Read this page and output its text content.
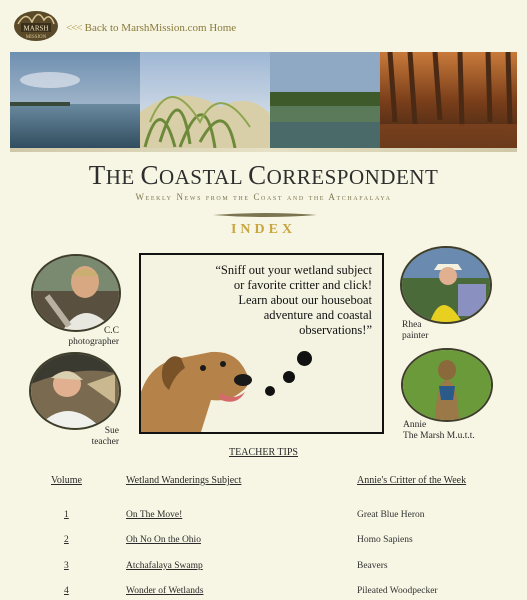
MARSH
MISSION
<<< Back to MarshMission.com Home
THE COASTAL CORRESPONDENT
Weekly News from the Coast and the Atchafalaya
INDEX
C.C
photographer
Sue
teacher
“Sniff out your wetland subject or favorite critter and click! Learn about our houseboat adventure and coastal observations!”	Rhea
painter
Annie
The Marsh M.u.t.t.
TEACHER TIPS
Volume	Wetland Wanderings Subject	Annie's Critter of the Week
1	On The Move!	Great Blue Heron
2	Oh No On the Ohio	Homo Sapiens
3	Atchafalaya Swamp	Beavers
4	Wonder of Wetlands	Pileated Woodpecker
